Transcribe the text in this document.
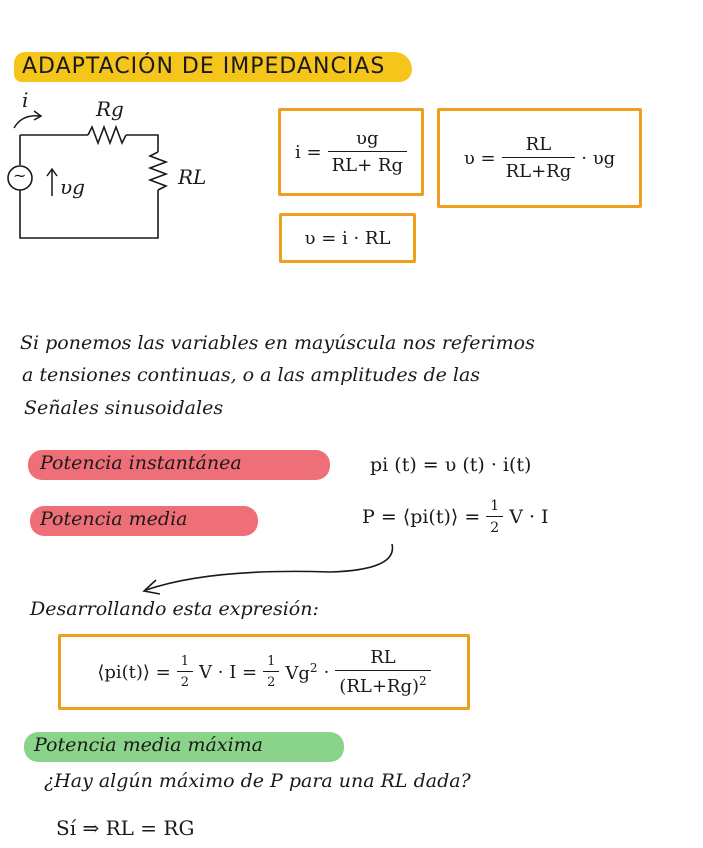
ADAPTACIÓN DE IMPEDANCIAS
i	Rg
RL
υg
~
$i = \frac{\upsilon g}{RL+ Rg}$	$\upsilon = \frac{RL}{RL+Rg} \cdot \upsilon g$
υ = i · RL
Si ponemos las variables en mayúscula nos referimos
a tensiones continuas, o a las amplitudes de las
Señales sinusoidales
Potencia instantánea	pi (t) = υ (t) · i(t)
Potencia media	P = ⟨pi(t)⟩ = $\frac{1}{2}$ V · I
Desarrollando esta expresión:
⟨pi(t)⟩ = $\frac{1}{2}$ $V \cdot I = \frac{1}{2} Vg^2 \cdot \frac{RL}{(RL+Rg)^2}$
Potencia media máxima
¿Hay algún máximo de P para una RL dada?
Sí ⇒ RL = RG
